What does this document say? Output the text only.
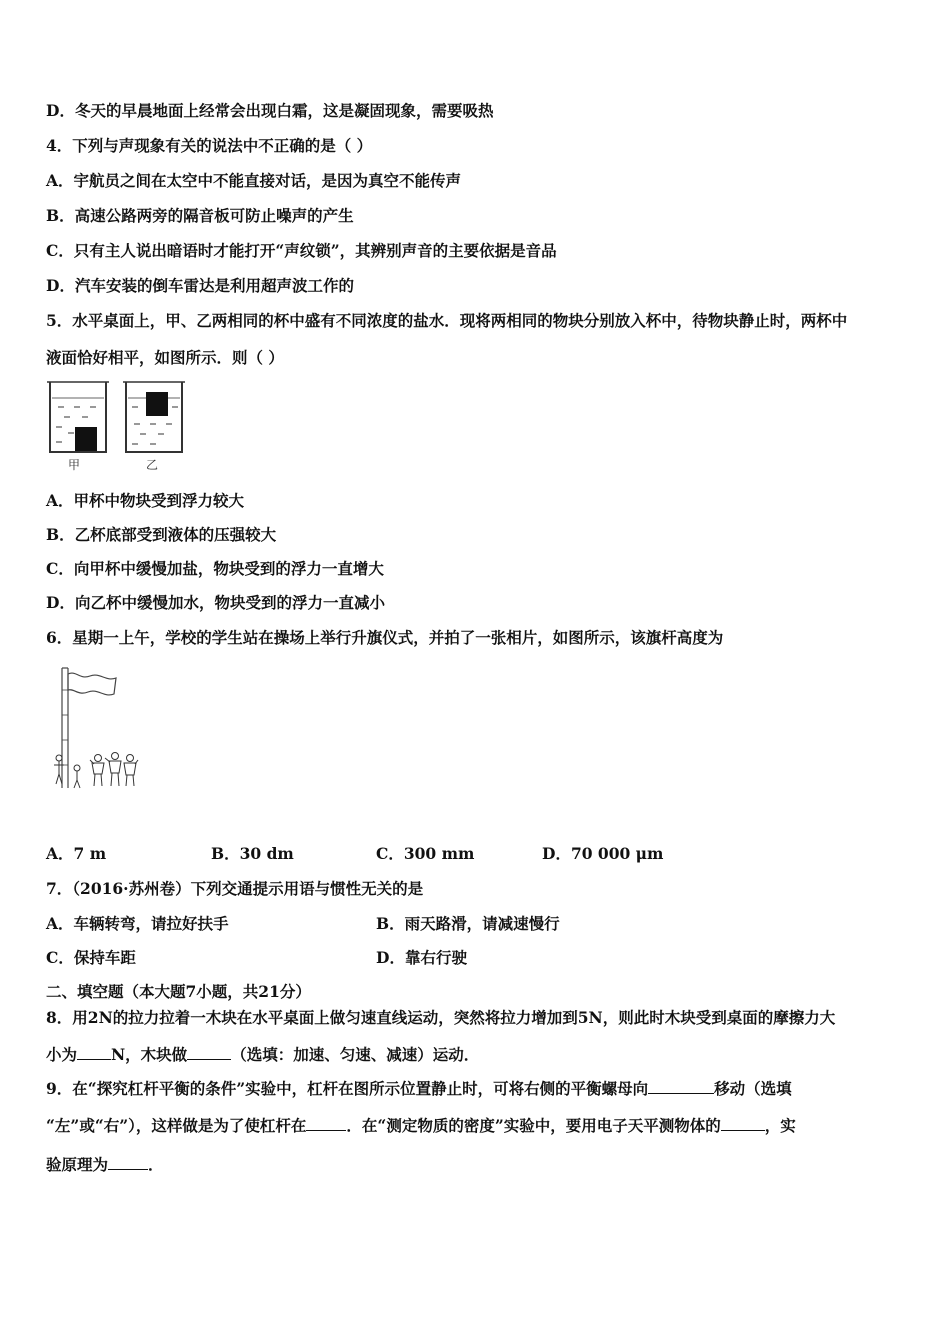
D．冬天的早晨地面上经常会出现白霜，这是凝固现象，需要吸热
4．下列与声现象有关的说法中不正确的是（ ）
A．宇航员之间在太空中不能直接对话，是因为真空不能传声
B．高速公路两旁的隔音板可防止噪声的产生
C．只有主人说出暗语时才能打开“声纹锁”，其辨别声音的主要依据是音品
D．汽车安装的倒车雷达是利用超声波工作的
5．水平桌面上，甲、乙两相同的杯中盛有不同浓度的盐水．现将两相同的物块分别放入杯中，待物块静止时，两杯中
液面恰好相平，如图所示．则（ ）
甲	乙
A．甲杯中物块受到浮力较大
B．乙杯底部受到液体的压强较大
C．向甲杯中缓慢加盐，物块受到的浮力一直增大
D．向乙杯中缓慢加水，物块受到的浮力一直减小
6．星期一上午，学校的学生站在操场上举行升旗仪式，并拍了一张相片，如图所示，该旗杆高度为
A．7 m	B．30 dm	C．300 mm	D．70 000 μm
7．（2016·苏州卷）下列交通提示用语与惯性无关的是
A．车辆转弯，请拉好扶手	B．雨天路滑，请减速慢行
C．保持车距	D．靠右行驶
二、填空题（本大题7小题，共21分）
8．用2N的拉力拉着一木块在水平桌面上做匀速直线运动，突然将拉力增加到5N，则此时木块受到桌面的摩擦力大
小为 N，木块做	（选填：加速、匀速、减速）运动．
9．在“探究杠杆平衡的条件”实验中，杠杆在图所示位置静止时，可将右侧的平衡螺母向	移动（选填
“左”或“右”），这样做是为了使杠杆在	．在“测定物质的密度”实验中，要用电子天平测物体的	，实
验原理为	．
